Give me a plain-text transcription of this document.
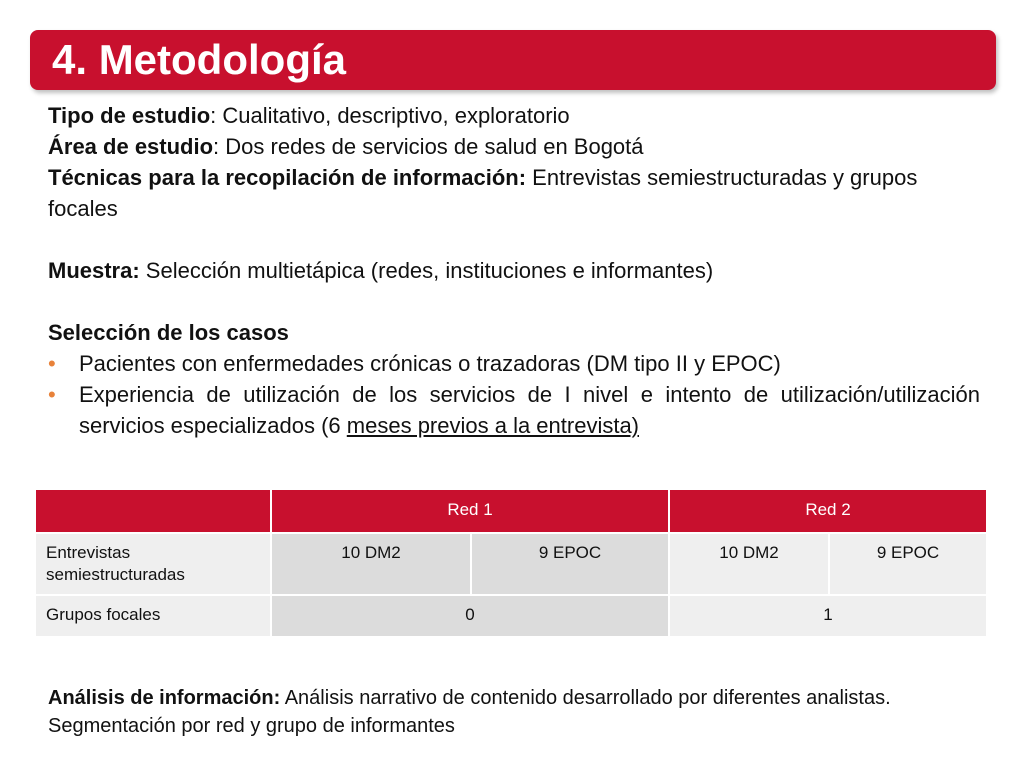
4. Metodología

Tipo de estudio: Cualitativo, descriptivo, exploratorio

Área de estudio: Dos redes de servicios de salud en Bogotá

Técnicas para la recopilación de información: Entrevistas semiestructuradas y grupos focales

Muestra: Selección multietápica (redes, instituciones e informantes)

Selección de los casos

• Pacientes con enfermedades crónicas o trazadoras (DM tipo II y EPOC)
• Experiencia de utilización de los servicios de I nivel e intento de utilización/utilización servicios especializados (6 meses previos a la entrevista)
	Red 1		Red 2	
Entrevistas semiestructuradas	10 DM2	9 EPOC	10 DM2	9 EPOC
Grupos focales	0		1	
Análisis de información: Análisis narrativo de contenido desarrollado por diferentes analistas. Segmentación por red y grupo de informantes
